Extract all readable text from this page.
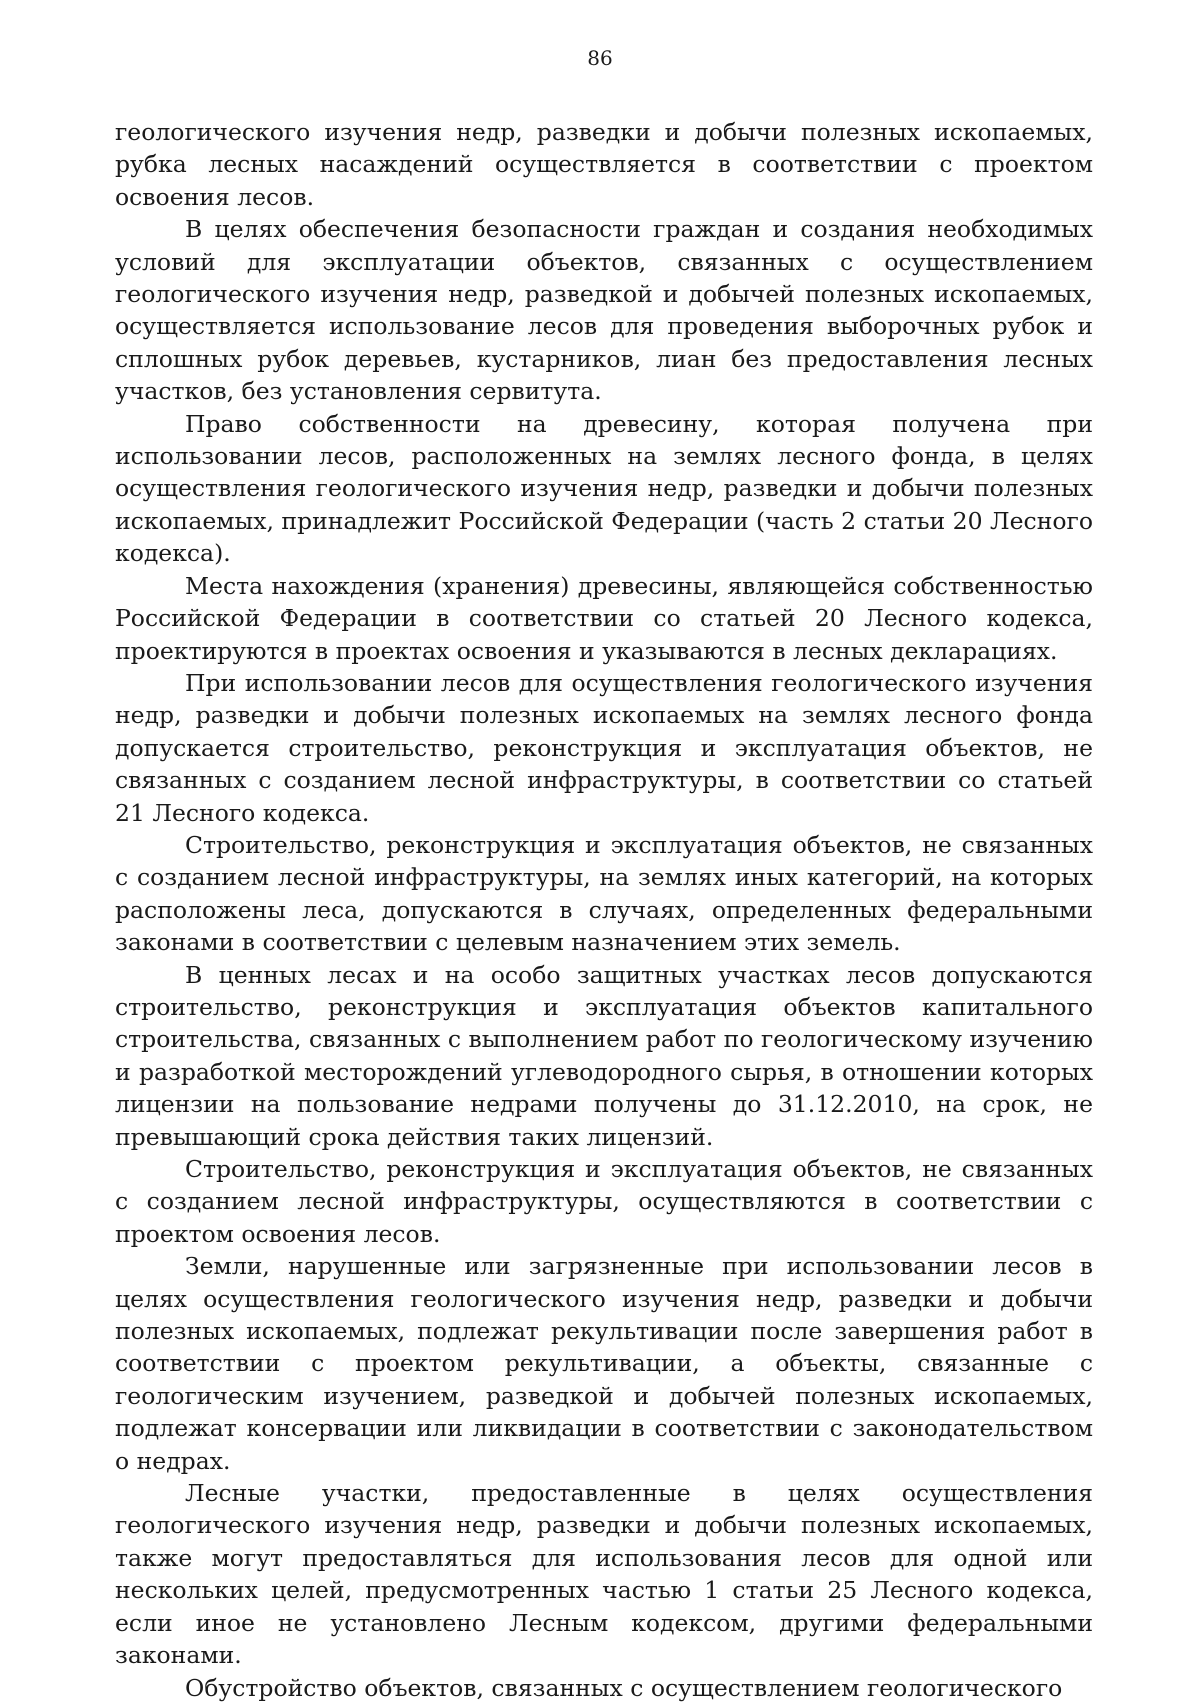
86

геологического изучения недр, разведки и добычи полезных ископаемых, рубка лесных насаждений осуществляется в соответствии с проектом освоения лесов.

В целях обеспечения безопасности граждан и создания необходимых условий для эксплуатации объектов, связанных с осуществлением геологического изучения недр, разведкой и добычей полезных ископаемых, осуществляется использование лесов для проведения выборочных рубок и сплошных рубок деревьев, кустарников, лиан без предоставления лесных участков, без установления сервитута.

Право собственности на древесину, которая получена при использовании лесов, расположенных на землях лесного фонда, в целях осуществления геологического изучения недр, разведки и добычи полезных ископаемых, принадлежит Российской Федерации (часть 2 статьи 20 Лесного кодекса).

Места нахождения (хранения) древесины, являющейся собственностью Российской Федерации в соответствии со статьей 20 Лесного кодекса, проектируются в проектах освоения и указываются в лесных декларациях.

При использовании лесов для осуществления геологического изучения недр, разведки и добычи полезных ископаемых на землях лесного фонда допускается строительство, реконструкция и эксплуатация объектов, не связанных с созданием лесной инфраструктуры, в соответствии со статьей 21 Лесного кодекса.

Строительство, реконструкция и эксплуатация объектов, не связанных с созданием лесной инфраструктуры, на землях иных категорий, на которых расположены леса, допускаются в случаях, определенных федеральными законами в соответствии с целевым назначением этих земель.

В ценных лесах и на особо защитных участках лесов допускаются строительство, реконструкция и эксплуатация объектов капитального строительства, связанных с выполнением работ по геологическому изучению и разработкой месторождений углеводородного сырья, в отношении которых лицензии на пользование недрами получены до 31.12.2010, на срок, не превышающий срока действия таких лицензий.

Строительство, реконструкция и эксплуатация объектов, не связанных с созданием лесной инфраструктуры, осуществляются в соответствии с проектом освоения лесов.

Земли, нарушенные или загрязненные при использовании лесов в целях осуществления геологического изучения недр, разведки и добычи полезных ископаемых, подлежат рекультивации после завершения работ в соответствии с проектом рекультивации, а объекты, связанные с геологическим изучением, разведкой и добычей полезных ископаемых, подлежат консервации или ликвидации в соответствии с законодательством о недрах.

Лесные участки, предоставленные в целях осуществления геологического изучения недр, разведки и добычи полезных ископаемых, также могут предоставляться для использования лесов для одной или нескольких целей, предусмотренных частью 1 статьи 25 Лесного кодекса, если иное не установлено Лесным кодексом, другими федеральными законами.

Обустройство объектов, связанных с осуществлением геологического
